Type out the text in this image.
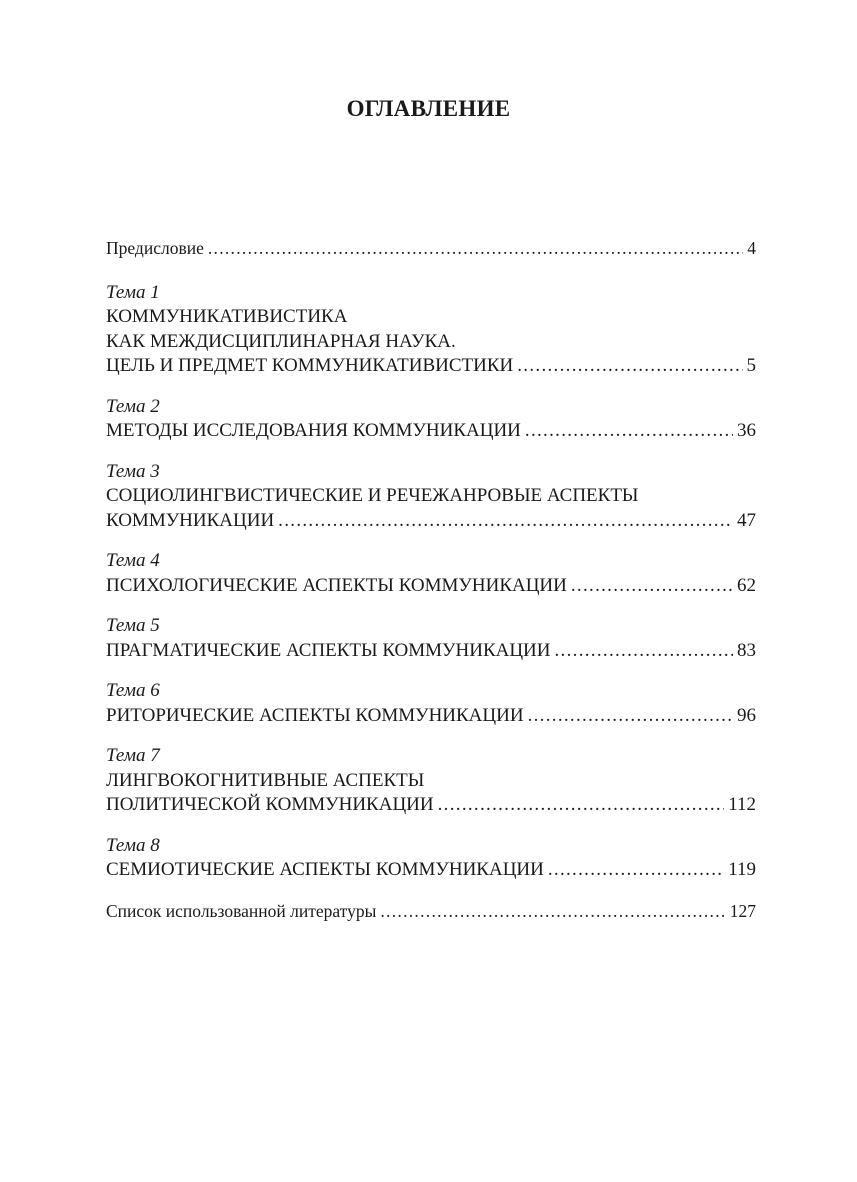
ОГЛАВЛЕНИЕ
Предисловие .....	4
Тема 1
КОММУНИКАТИВИСТИКА
КАК МЕЖДИСЦИПЛИНАРНАЯ НАУКА.
ЦЕЛЬ И ПРЕДМЕТ КОММУНИКАТИВИСТИКИ .....	5
Тема 2
МЕТОДЫ ИССЛЕДОВАНИЯ КОММУНИКАЦИИ .....	36
Тема 3
СОЦИОЛИНГВИСТИЧЕСКИЕ И РЕЧЕЖАНРОВЫЕ АСПЕКТЫ
КОММУНИКАЦИИ .....	47
Тема 4
ПСИХОЛОГИЧЕСКИЕ АСПЕКТЫ КОММУНИКАЦИИ .....	62
Тема 5
ПРАГМАТИЧЕСКИЕ АСПЕКТЫ КОММУНИКАЦИИ .....	83
Тема 6
РИТОРИЧЕСКИЕ АСПЕКТЫ КОММУНИКАЦИИ .....	96
Тема 7
ЛИНГВОКОГНИТИВНЫЕ АСПЕКТЫ
ПОЛИТИЧЕСКОЙ КОММУНИКАЦИИ .....	112
Тема 8
СЕМИОТИЧЕСКИЕ АСПЕКТЫ КОММУНИКАЦИИ .....	119
Список использованной литературы .....	127
